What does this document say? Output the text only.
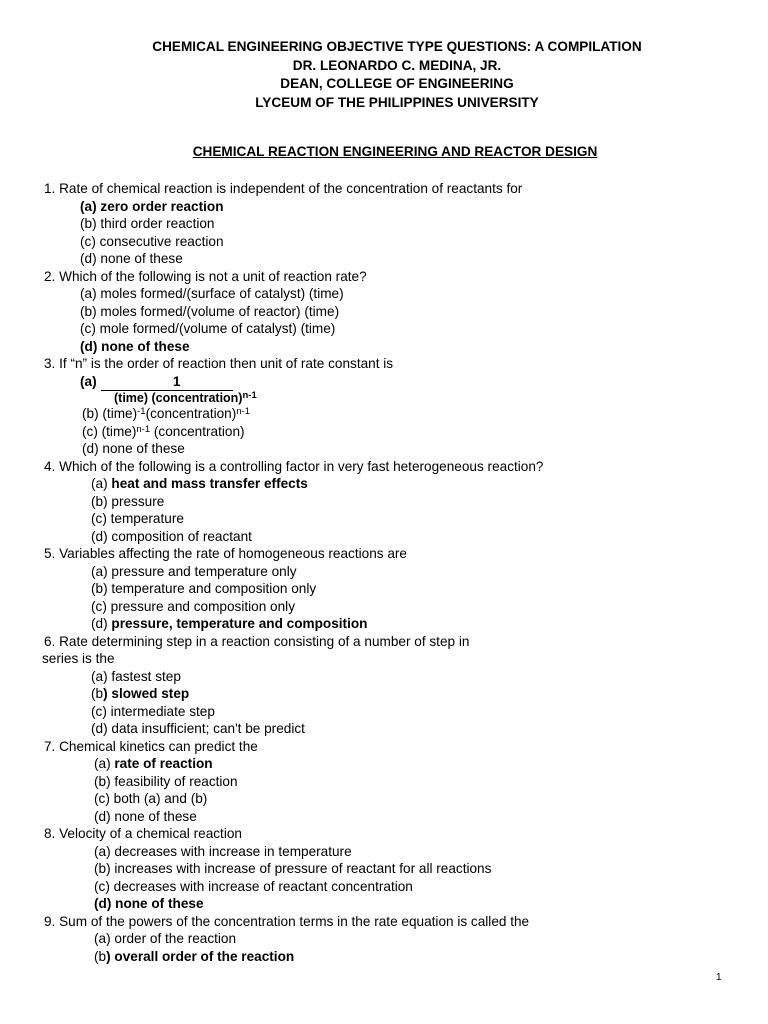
CHEMICAL ENGINEERING OBJECTIVE TYPE QUESTIONS: A COMPILATION
DR. LEONARDO C. MEDINA, JR.
DEAN, COLLEGE OF ENGINEERING
LYCEUM OF THE PHILIPPINES UNIVERSITY
CHEMICAL REACTION ENGINEERING AND REACTOR DESIGN
1. Rate of chemical reaction is independent of the concentration of reactants for
(a) zero order reaction
(b) third order reaction
(c) consecutive reaction
(d) none of these
2. Which of the following is not a unit of reaction rate?
(a) moles formed/(surface of catalyst) (time)
(b) moles formed/(volume of reactor) (time)
(c) mole formed/(volume of catalyst) (time)
(d) none of these
3. If “n” is the order of reaction then unit of rate constant is
(a)	1
(time) (concentration)$^{n-1}$
(b) (time)$^{-1}$(concentration)$^{n-1}$
(c) (time)$^{n-1}$ (concentration)
(d) none of these
4. Which of the following is a controlling factor in very fast heterogeneous reaction?
(a) heat and mass transfer effects
(b) pressure
(c) temperature
(d) composition of reactant
5. Variables affecting the rate of homogeneous reactions are
(a) pressure and temperature only
(b) temperature and composition only
(c) pressure and composition only
(d) pressure, temperature and composition
6. Rate determining step in a reaction consisting of a number of step in
series is the
(a) fastest step
(b) slowed step
(c) intermediate step
(d) data insufficient; can't be predict
7. Chemical kinetics can predict the
(a) rate of reaction
(b) feasibility of reaction
(c) both (a) and (b)
(d) none of these
8. Velocity of a chemical reaction
(a) decreases with increase in temperature
(b) increases with increase of pressure of reactant for all reactions
(c) decreases with increase of reactant concentration
(d) none of these
9. Sum of the powers of the concentration terms in the rate equation is called the
(a) order of the reaction
(b) overall order of the reaction
1
